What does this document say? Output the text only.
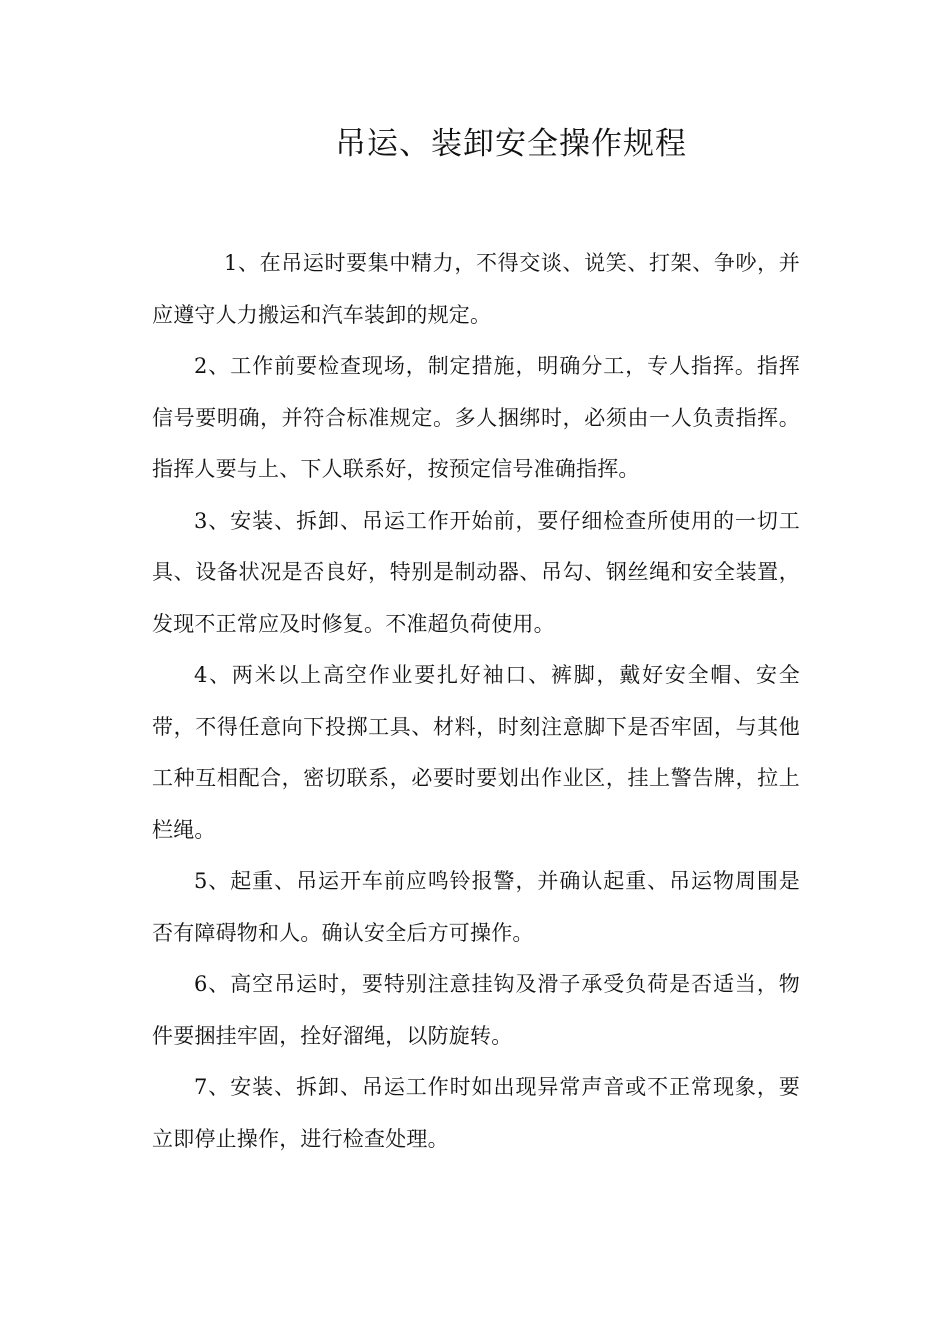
吊运、装卸安全操作规程

1、在吊运时要集中精力，不得交谈、说笑、打架、争吵，并应遵守人力搬运和汽车装卸的规定。

2、工作前要检查现场，制定措施，明确分工，专人指挥。指挥信号要明确，并符合标准规定。多人捆绑时，必须由一人负责指挥。指挥人要与上、下人联系好，按预定信号准确指挥。

3、安装、拆卸、吊运工作开始前，要仔细检查所使用的一切工具、设备状况是否良好，特别是制动器、吊勾、钢丝绳和安全装置，发现不正常应及时修复。不准超负荷使用。

4、两米以上高空作业要扎好袖口、裤脚，戴好安全帽、安全带，不得任意向下投掷工具、材料，时刻注意脚下是否牢固，与其他工种互相配合，密切联系，必要时要划出作业区，挂上警告牌，拉上栏绳。

5、起重、吊运开车前应鸣铃报警，并确认起重、吊运物周围是否有障碍物和人。确认安全后方可操作。

6、高空吊运时，要特别注意挂钩及滑子承受负荷是否适当，物件要捆挂牢固，拴好溜绳，以防旋转。

7、安装、拆卸、吊运工作时如出现异常声音或不正常现象，要立即停止操作，进行检查处理。
